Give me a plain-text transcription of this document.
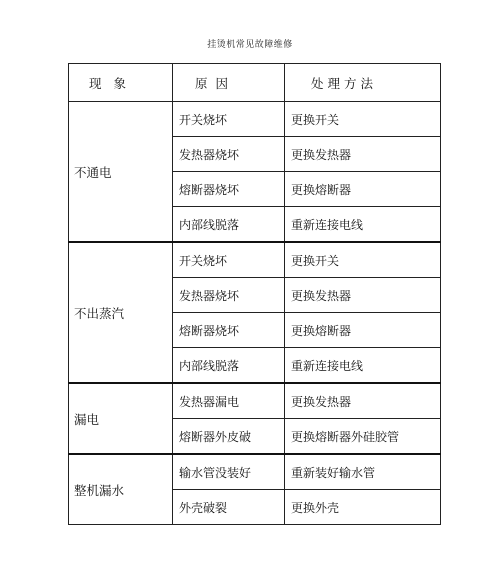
挂烫机常见故障维修
现象	原因	处理方法
不通电	开关烧坏	更换开关
	发热器烧坏	更换发热器
	熔断器烧坏	更换熔断器
	内部线脱落	重新连接电线
不出蒸汽	开关烧坏	更换开关
	发热器烧坏	更换发热器
	熔断器烧坏	更换熔断器
	内部线脱落	重新连接电线
漏电	发热器漏电	更换发热器
	熔断器外皮破	更换熔断器外硅胶管
整机漏水	输水管没装好	重新装好输水管
	外壳破裂	更换外壳
